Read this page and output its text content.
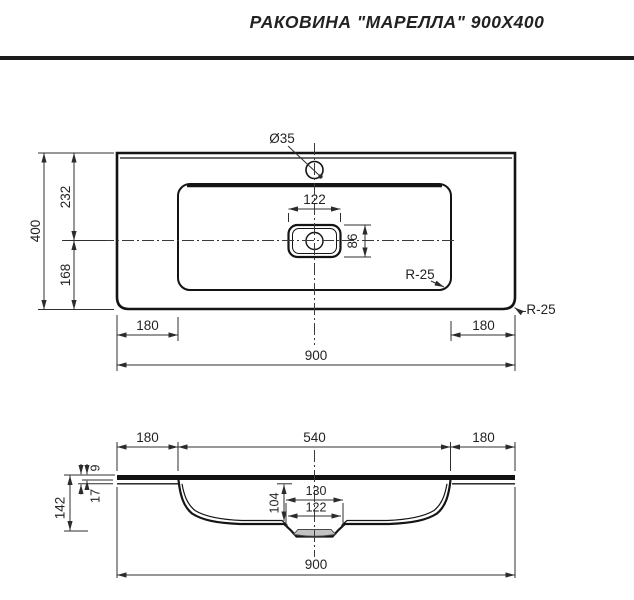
РАКОВИНА "МАРЕЛЛА" 900X400
400
232
168
Ø35
122
86
R-25
R-25
180	180
900
180	540	180
9
17
142	104
130
122
900
